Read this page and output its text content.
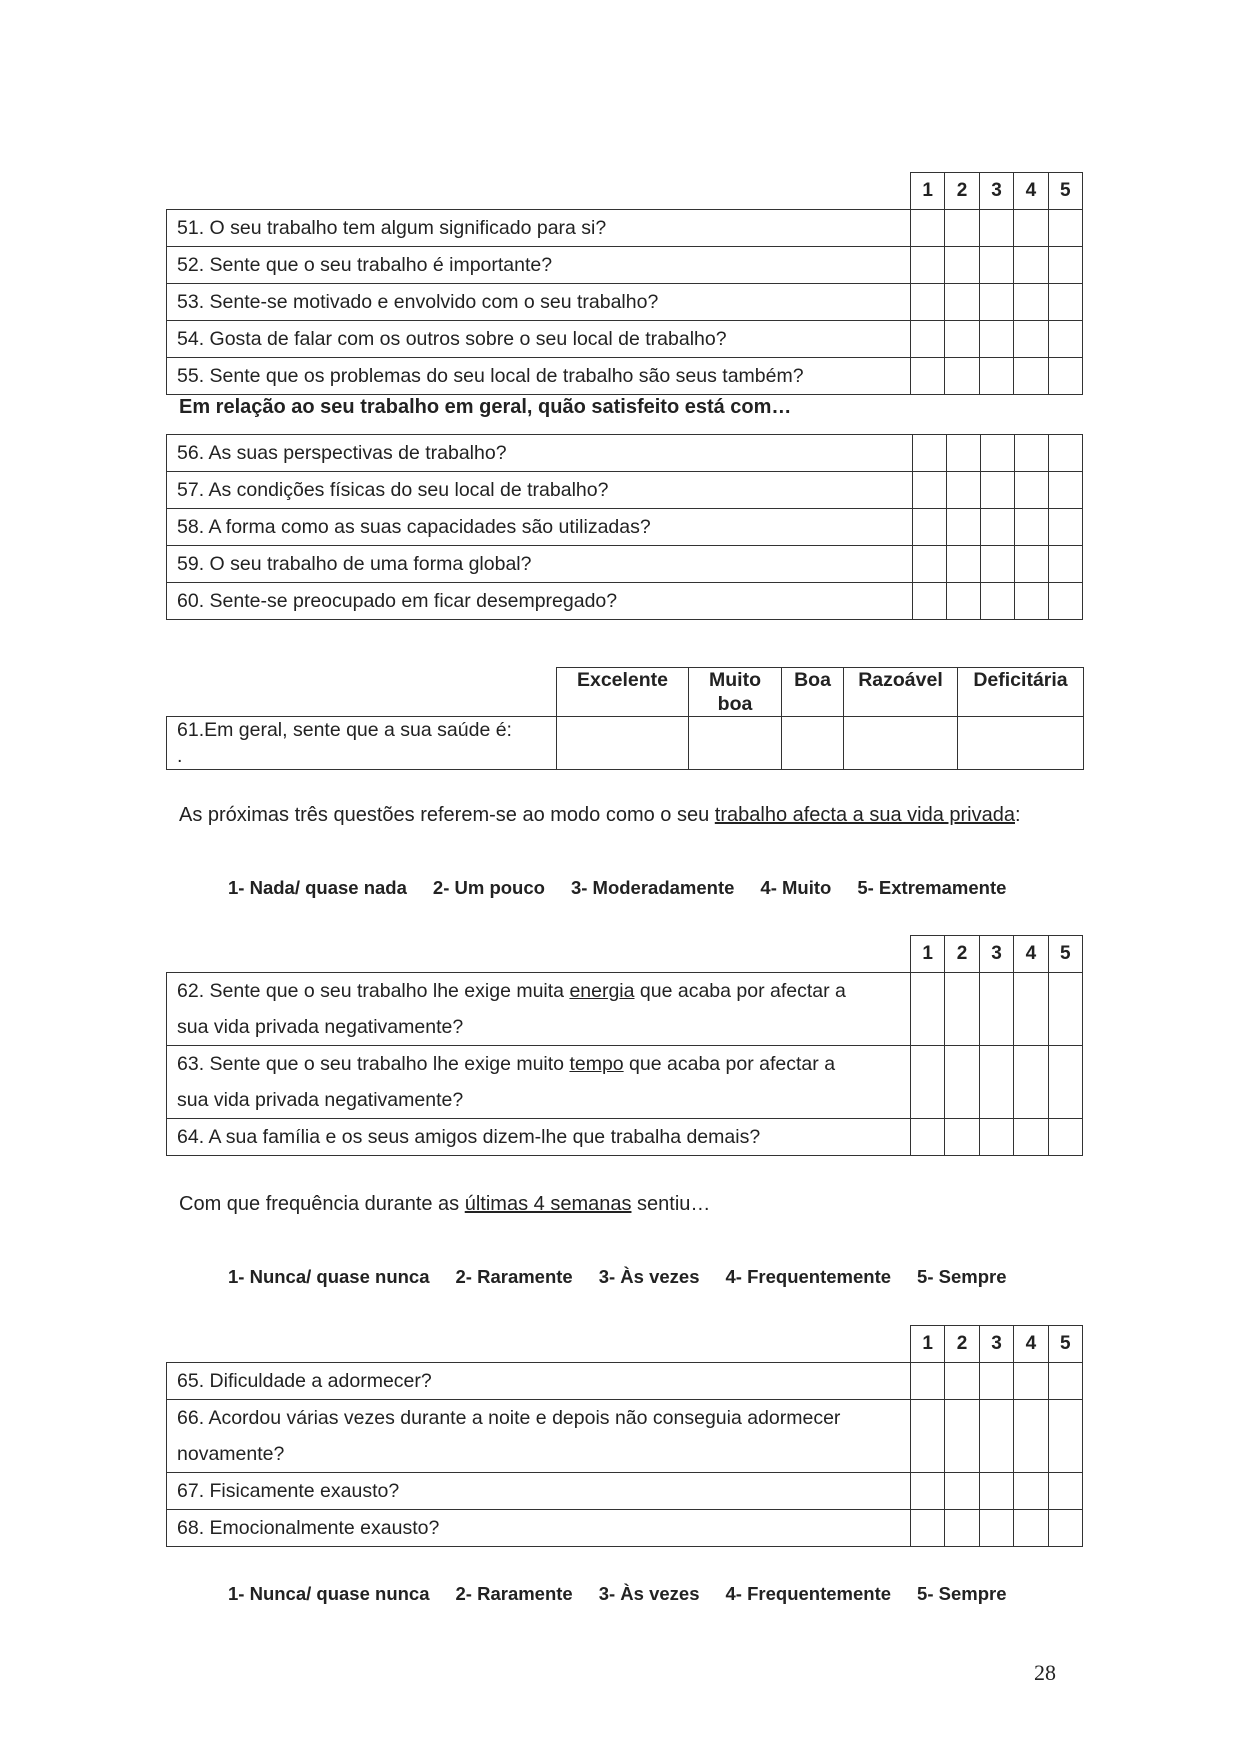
	1	2	3	4	5
51. O seu trabalho tem algum significado para si?					
52. Sente que o seu trabalho é importante?					
53. Sente-se motivado e envolvido com o seu trabalho?					
54. Gosta de falar com os outros sobre o seu local de trabalho?					
55. Sente que os problemas do seu local de trabalho são seus também?					
Em relação ao seu trabalho em geral, quão satisfeito está com…
56. As suas perspectivas de trabalho?					
57. As condições físicas do seu local de trabalho?					
58. A forma como as suas capacidades são utilizadas?					
59. O seu trabalho de uma forma global?					
60. Sente-se preocupado em ficar desempregado?					
	Excelente	Muito boa	Boa	Razoável	Deficitária
61.Em geral, sente que a sua saúde é:
.					
As próximas três questões referem-se ao modo como o seu trabalho afecta a sua vida privada:
1- Nada/ quase nada 2- Um pouco 3- Moderadamente 4- Muito 5- Extremamente
	1	2	3	4	5
62. Sente que o seu trabalho lhe exige muita energia que acaba por afectar a
sua vida privada negativamente?					
63. Sente que o seu trabalho lhe exige muito tempo que acaba por afectar a
sua vida privada negativamente?					
64. A sua família e os seus amigos dizem-lhe que trabalha demais?					
Com que frequência durante as últimas 4 semanas sentiu…
1- Nunca/ quase nunca 2- Raramente 3- Às vezes 4- Frequentemente 5- Sempre
	1	2	3	4	5
65. Dificuldade a adormecer?					
66. Acordou várias vezes durante a noite e depois não conseguia adormecer
novamente?					
67. Fisicamente exausto?					
68. Emocionalmente exausto?					
1- Nunca/ quase nunca 2- Raramente 3- Às vezes 4- Frequentemente 5- Sempre
28
